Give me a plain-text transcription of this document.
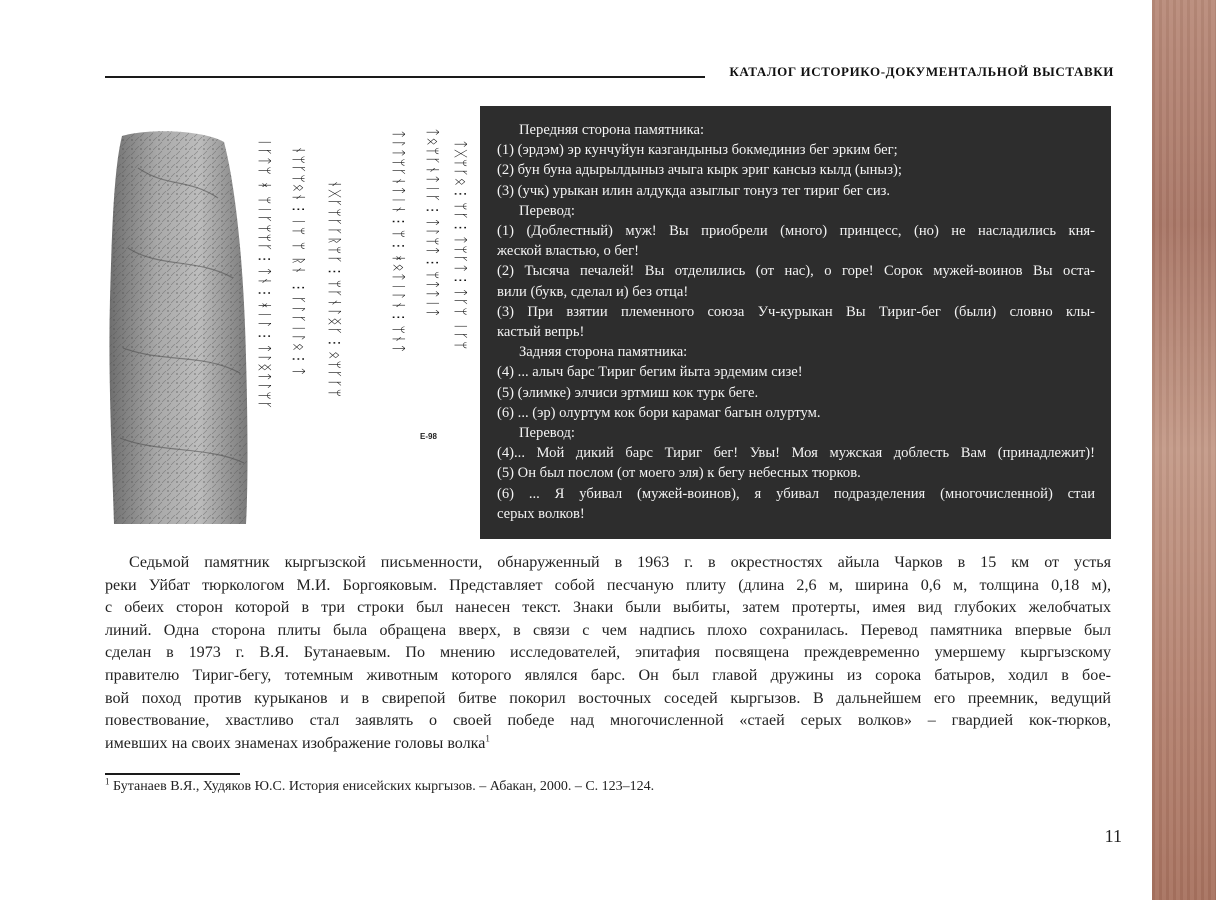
КАТАЛОГ ИСТОРИКО-ДОКУМЕНТАЛЬНОЙ ВЫСТАВКИ
ᛁᚴᛏᛘ ᚼ ᛘᛁᚴᛘᛘᚴ⋮ᛏᚾ⋮ᚼᛁᛚ⋮ᛏᛚᛝᛏᛚᛘᚴ ᚾᛘᚴᛘᛟᚾ⋮ᛁᛘ ᛘ ᚱᚾ ⋮ᚴᛚᚴᛁᛚᛟ⋮ᛏ ᚾᚷᚴᛘᚴᚴᚱᛘᚴ⋮ᛘᚴᚾᛚᛝᚴ⋮ᛟᛘᚴᚴᛘ	ᛏᛚᛏᛘᚴᚾᛏᛁᚾ⋮ᛘ⋮ᚼᛟᛏᛁᛚᚾ⋮ᛘᚾᛏ ᛏᛟᛘᚴᚾᛏᛁᚴ⋮ᛏᛚᛘᛏ⋮ᛘᛏᛏᛁᛏ ᛏᚷᛘᚴᛟ⋮ᛘᚴ⋮ᛏᛘᚴᛏ⋮ᛏᚴᛘ ᛁᚴᛘ
Е-98
Передняя сторона памятника:
(1) (эрдэм) эр кунчуйун казгандыныз бокмединиз бег эрким бег;
(2) бун буна адырылдыныз ачыга кырк эриг кансыз кылд (ыныз);
(3) (учк) урыкан илин алдукда азыглыг тонуз тег тириг бег сиз.
Перевод:
(1) (Доблестный) муж! Вы приобрели (много) принцесс, (но) не насладились кня-
жеской властью, о бег!
(2) Тысяча печалей! Вы отделились (от нас), о горе! Сорок мужей-воинов Вы оста-
вили (букв, сделал и) без отца!
(3) При взятии племенного союза Уч-курыкан Вы Тириг-бег (были) словно клы-
кастый вепрь!
Задняя сторона памятника:
(4) ... алыч барс Тириг бегим йыта эрдемим сизе!
(5) (элимке) элчиси эртмиш кок турк беге.
(6) ... (эр) олуртум кок бори карамаг багын олуртум.
Перевод:
(4)... Мой дикий барс Тириг бег! Увы! Моя мужская доблесть Вам (принадлежит)!
(5) Он был послом (от моего эля) к бегу небесных тюрков.
(6) ... Я убивал (мужей-воинов), я убивал подразделения (многочисленной) стаи
серых волков!
Седьмой памятник кыргызской письменности, обнаруженный в 1963 г. в окрестностях айыла Чарков в 15 км от устья
реки Уйбат тюркологом М.И. Боргояковым. Представляет собой песчаную плиту (длина 2,6 м, ширина 0,6 м, толщина 0,18 м),
с обеих сторон которой в три строки был нанесен текст. Знаки были выбиты, затем протерты, имея вид глубоких желобчатых
линий. Одна сторона плиты была обращена вверх, в связи с чем надпись плохо сохранилась. Перевод памятника впервые был
сделан в 1973 г. В.Я. Бутанаевым. По мнению исследователей, эпитафия посвящена преждевременно умершему кыргызскому
правителю Тириг-бегу, тотемным животным которого являлся барс. Он был главой дружины из сорока батыров, ходил в бое-
вой поход против курыканов и в свирепой битве покорил восточных соседей кыргызов. В дальнейшем его преемник, ведущий
повествование, хвастливо стал заявлять о своей победе над многочисленной «стаей серых волков» – гвардией кок-тюрков,
имевших на своих знаменах изображение головы волка$^1$
$^1$ Бутанаев В.Я., Худяков Ю.С. История енисейских кыргызов. – Абакан, 2000. – С. 123–124.
11
